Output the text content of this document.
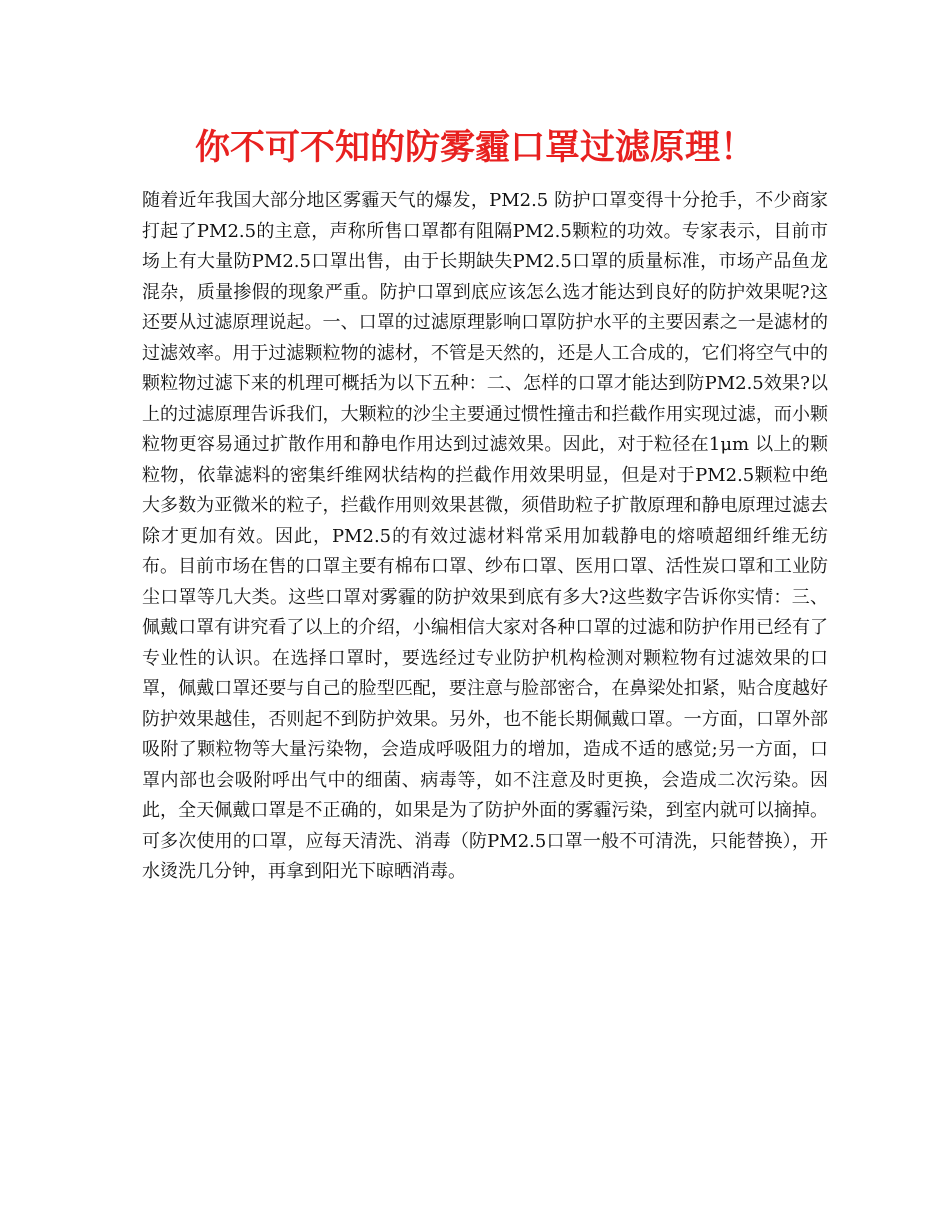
你不可不知的防雾霾口罩过滤原理！

随着近年我国大部分地区雾霾天气的爆发，PM2.5 防护口罩变得十分抢手，不少商家打起了PM2.5的主意，声称所售口罩都有阻隔PM2.5颗粒的功效。专家表示，目前市场上有大量防PM2.5口罩出售，由于长期缺失PM2.5口罩的质量标准，市场产品鱼龙混杂，质量掺假的现象严重。防护口罩到底应该怎么选才能达到良好的防护效果呢?这还要从过滤原理说起。一、口罩的过滤原理影响口罩防护水平的主要因素之一是滤材的过滤效率。用于过滤颗粒物的滤材，不管是天然的，还是人工合成的，它们将空气中的颗粒物过滤下来的机理可概括为以下五种：二、怎样的口罩才能达到防PM2.5效果?以上的过滤原理告诉我们，大颗粒的沙尘主要通过惯性撞击和拦截作用实现过滤，而小颗粒物更容易通过扩散作用和静电作用达到过滤效果。因此，对于粒径在1μm 以上的颗粒物，依靠滤料的密集纤维网状结构的拦截作用效果明显，但是对于PM2.5颗粒中绝大多数为亚微米的粒子，拦截作用则效果甚微，须借助粒子扩散原理和静电原理过滤去除才更加有效。因此，PM2.5的有效过滤材料常采用加载静电的熔喷超细纤维无纺布。目前市场在售的口罩主要有棉布口罩、纱布口罩、医用口罩、活性炭口罩和工业防尘口罩等几大类。这些口罩对雾霾的防护效果到底有多大?这些数字告诉你实情：三、佩戴口罩有讲究看了以上的介绍，小编相信大家对各种口罩的过滤和防护作用已经有了专业性的认识。在选择口罩时，要选经过专业防护机构检测对颗粒物有过滤效果的口罩，佩戴口罩还要与自己的脸型匹配，要注意与脸部密合，在鼻梁处扣紧，贴合度越好防护效果越佳，否则起不到防护效果。另外，也不能长期佩戴口罩。一方面，口罩外部吸附了颗粒物等大量污染物，会造成呼吸阻力的增加，造成不适的感觉;另一方面，口罩内部也会吸附呼出气中的细菌、病毒等，如不注意及时更换，会造成二次污染。因此，全天佩戴口罩是不正确的，如果是为了防护外面的雾霾污染，到室内就可以摘掉。可多次使用的口罩，应每天清洗、消毒（防PM2.5口罩一般不可清洗，只能替换），开水烫洗几分钟，再拿到阳光下晾晒消毒。
